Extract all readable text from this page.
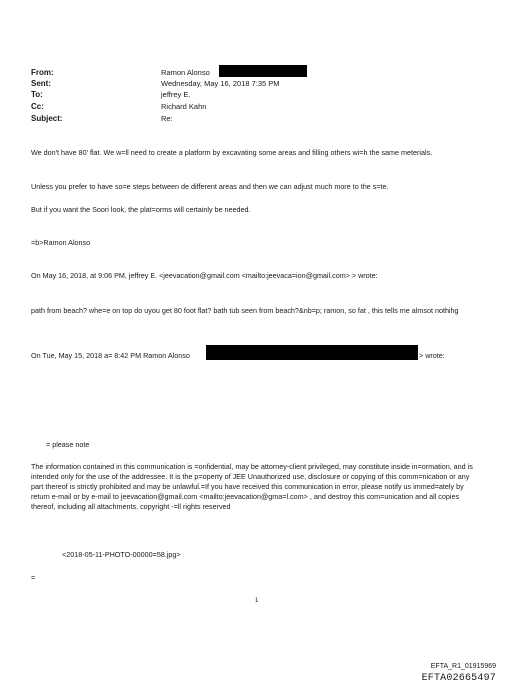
From:	Ramon Alonso
Sent:	Wednesday, May 16, 2018 7:35 PM
To:	jeffrey E.
Cc:	Richard Kahn
Subject:	Re:

We don't have 80' flat. We w=ll need to create a platform by excavating some areas and filling others wi=h the same meterials.

Unless you prefer to have so=e steps between de different areas and then we can adjust much more to the s=te.

But if you want the Soori look, the plat=orms will certainly be needed.

=b>Ramon Alonso

On May 16, 2018, at 9:06 PM, jeffrey E. <jeevacation@gmail.com <mailto:jeevaca=ion@gmail.com> > wrote:

path from beach? whe=e on top do uyou get 80 foot flat? bath tub seen from beach?&nb=p; ramon, so fat , this tells me almsot nothihg

On Tue, May 15, 2018 a= 8:42 PM Ramon Alonso	> wrote:

= please note

The information contained in this communication is =onfidential, may be attorney-client privileged, may constitute inside in=ormation, and is intended only for the use of the addressee. It is the p=operty of JEE Unauthorized use, disclosure or copying of this comm=nication or any part thereof is strictly prohibited and may be unlawful.=If you have received this communication in error, please notify us immed=ately by return e-mail or by e-mail to jeevacation@gmail.com <mailto:jeevacation@gma=l.com> , and destroy this com=unication and all copies thereof, including all attachments. copyright -=ll rights reserved

<2018-05-11-PHOTO-00000=58.jpg>

=

1
EFTA_R1_01915969
EFTA02665497
